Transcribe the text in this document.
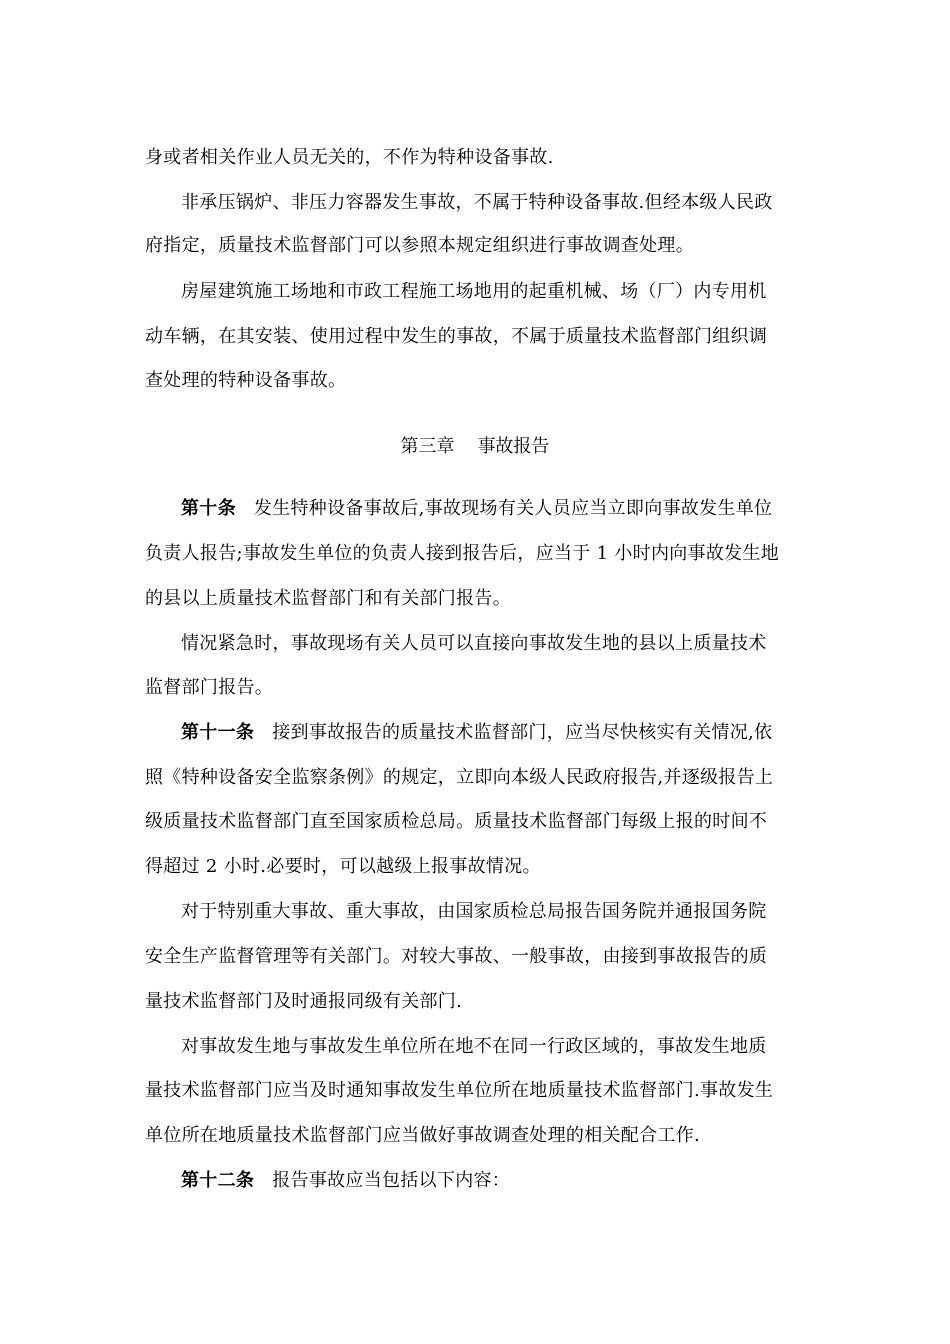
身或者相关作业人员无关的，不作为特种设备事故.
非承压锅炉、非压力容器发生事故，不属于特种设备事故.但经本级人民政
府指定，质量技术监督部门可以参照本规定组织进行事故调查处理。
房屋建筑施工场地和市政工程施工场地用的起重机械、场（厂）内专用机
动车辆，在其安装、使用过程中发生的事故，不属于质量技术监督部门组织调
查处理的特种设备事故。
第三章 事故报告
第十条 发生特种设备事故后,事故现场有关人员应当立即向事故发生单位
负责人报告;事故发生单位的负责人接到报告后，应当于 1 小时内向事故发生地
的县以上质量技术监督部门和有关部门报告。
情况紧急时，事故现场有关人员可以直接向事故发生地的县以上质量技术
监督部门报告。
第十一条 接到事故报告的质量技术监督部门，应当尽快核实有关情况,依
照《特种设备安全监察条例》的规定，立即向本级人民政府报告,并逐级报告上
级质量技术监督部门直至国家质检总局。质量技术监督部门每级上报的时间不
得超过 2 小时.必要时，可以越级上报事故情况。
对于特别重大事故、重大事故，由国家质检总局报告国务院并通报国务院
安全生产监督管理等有关部门。对较大事故、一般事故，由接到事故报告的质
量技术监督部门及时通报同级有关部门.
对事故发生地与事故发生单位所在地不在同一行政区域的，事故发生地质
量技术监督部门应当及时通知事故发生单位所在地质量技术监督部门.事故发生
单位所在地质量技术监督部门应当做好事故调查处理的相关配合工作.
第十二条 报告事故应当包括以下内容：
